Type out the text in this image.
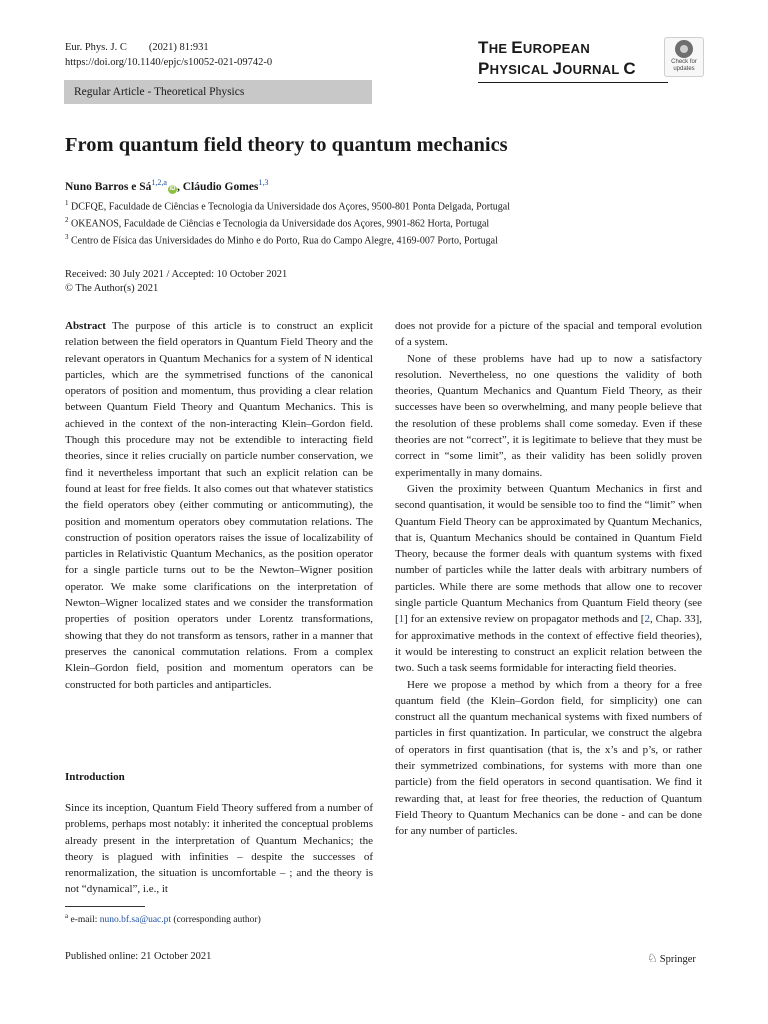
Eur. Phys. J. C (2021) 81:931
https://doi.org/10.1140/epjc/s10052-021-09742-0
THE EUROPEAN
PHYSICAL JOURNAL C	Check for
updates
Regular Article - Theoretical Physics
From quantum field theory to quantum mechanics
Nuno Barros e Sá$^{1,2,a}$iD , Cláudio Gomes$^{1,3}$
$^1$ DCFQE, Faculdade de Ciências e Tecnologia da Universidade dos Açores, 9500-801 Ponta Delgada, Portugal
$^2$ OKEANOS, Faculdade de Ciências e Tecnologia da Universidade dos Açores, 9901-862 Horta, Portugal
$^3$ Centro de Física das Universidades do Minho e do Porto, Rua do Campo Alegre, 4169-007 Porto, Portugal
Received: 30 July 2021 / Accepted: 10 October 2021
© The Author(s) 2021

Abstract The purpose of this article is to construct an explicit relation between the field operators in Quantum Field Theory and the relevant operators in Quantum Mechanics for a system of N identical particles, which are the symmetrised functions of the canonical operators of position and momentum, thus providing a clear relation between Quantum Field Theory and Quantum Mechanics. This is achieved in the context of the non-interacting Klein–Gordon field. Though this procedure may not be extendible to interacting field theories, since it relies crucially on particle number conservation, we find it nevertheless important that such an explicit relation can be found at least for free fields. It also comes out that whatever statistics the field operators obey (either commuting or anticommuting), the position and momentum operators obey commutation relations. The construction of position operators raises the issue of localizability of particles in Relativistic Quantum Mechanics, as the position operator for a single particle turns out to be the Newton–Wigner position operator. We make some clarifications on the interpretation of Newton–Wigner localized states and we consider the transformation properties of position operators under Lorentz transformations, showing that they do not transform as tensors, rather in a manner that preserves the canonical commutation relations. From a complex Klein–Gordon field, position and momentum operators can be constructed for both particles and antiparticles.

Introduction

Since its inception, Quantum Field Theory suffered from a number of problems, perhaps most notably: it inherited the conceptual problems already present in the interpretation of Quantum Mechanics; the theory is plagued with infinities – despite the successes of renormalization, the situation is uncomfortable – ; and the theory is not “dynamical”, i.e., it

does not provide for a picture of the spacial and temporal evolution of a system.

None of these problems have had up to now a satisfactory resolution. Nevertheless, no one questions the validity of both theories, Quantum Mechanics and Quantum Field Theory, as their successes have been so overwhelming, and many people believe that the resolution of these problems shall come someday. Even if these theories are not “correct”, it is legitimate to believe that they must be correct in “some limit”, as their validity has been solidly proven experimentally in many domains.

Given the proximity between Quantum Mechanics in first and second quantisation, it would be sensible too to find the “limit” when Quantum Field Theory can be approximated by Quantum Mechanics, that is, Quantum Mechanics should be contained in Quantum Field Theory, because the former deals with quantum systems with fixed number of particles while the latter deals with arbitrary numbers of particles. While there are some methods that allow one to recover single particle Quantum Mechanics from Quantum Field theory (see [1] for an extensive review on propagator methods and [2, Chap. 33], for approximative methods in the context of effective field theories), it would be interesting to construct an explicit relation between the two. Such a task seems formidable for interacting field theories.

Here we propose a method by which from a theory for a free quantum field (the Klein–Gordon field, for simplicity) one can construct all the quantum mechanical systems with fixed numbers of particles in first quantization. In particular, we construct the algebra of operators in first quantisation (that is, the x’s and p’s, or rather their symmetrized combinations, for systems with more than one particle) from the field operators in second quantisation. We find it rewarding that, at least for free theories, the reduction of Quantum Field Theory to Quantum Mechanics can be done - and can be done for any number of particles.

$^a$ e-mail: nuno.bf.sa@uac.pt (corresponding author)
Published online: 21 October 2021	♘ Springer
